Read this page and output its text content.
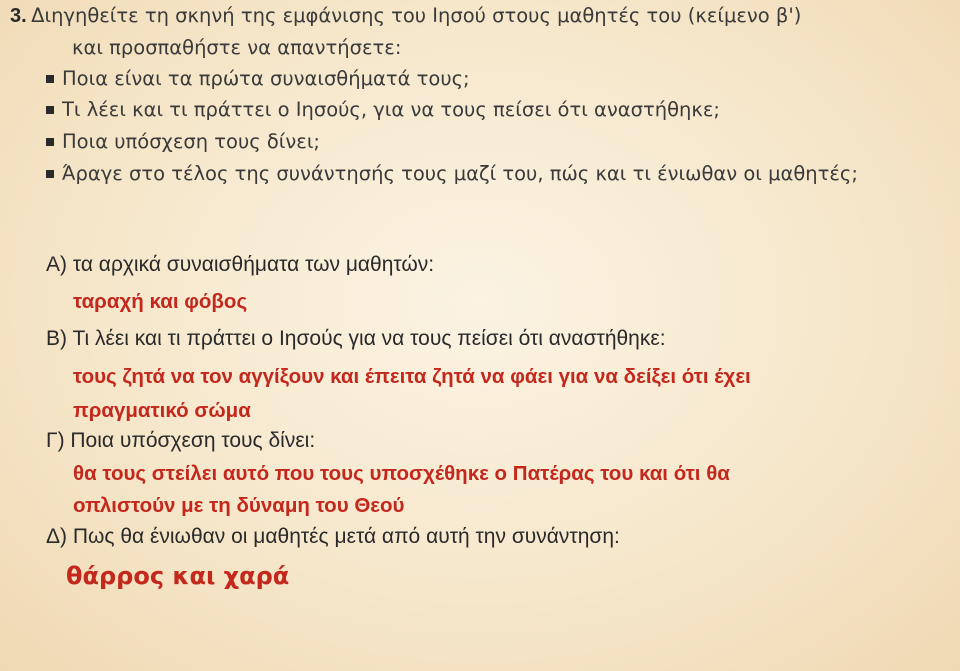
3. Διηγηθείτε τη σκηνή της εμφάνισης του Ιησού στους μαθητές του (κείμενο β')
και προσπαθήστε να απαντήσετε:
Ποια είναι τα πρώτα συναισθήματά τους;
Τι λέει και τι πράττει ο Ιησούς, για να τους πείσει ότι αναστήθηκε;
Ποια υπόσχεση τους δίνει;
Άραγε στο τέλος της συνάντησής τους μαζί του, πώς και τι ένιωθαν οι μαθητές;
Α) τα αρχικά συναισθήματα των μαθητών:
ταραχή και φόβος
Β) Τι λέει και τι πράττει ο Ιησούς για να τους πείσει ότι αναστήθηκε:
τους ζητά να τον αγγίξουν και έπειτα ζητά να φάει για να δείξει ότι έχει
πραγματικό σώμα
Γ) Ποια υπόσχεση τους δίνει:
θα τους στείλει αυτό που τους υποσχέθηκε ο Πατέρας του και ότι θα
οπλιστούν με τη δύναμη του Θεού
Δ) Πως θα ένιωθαν οι μαθητές μετά από αυτή την συνάντηση:
θάρρος και χαρά
